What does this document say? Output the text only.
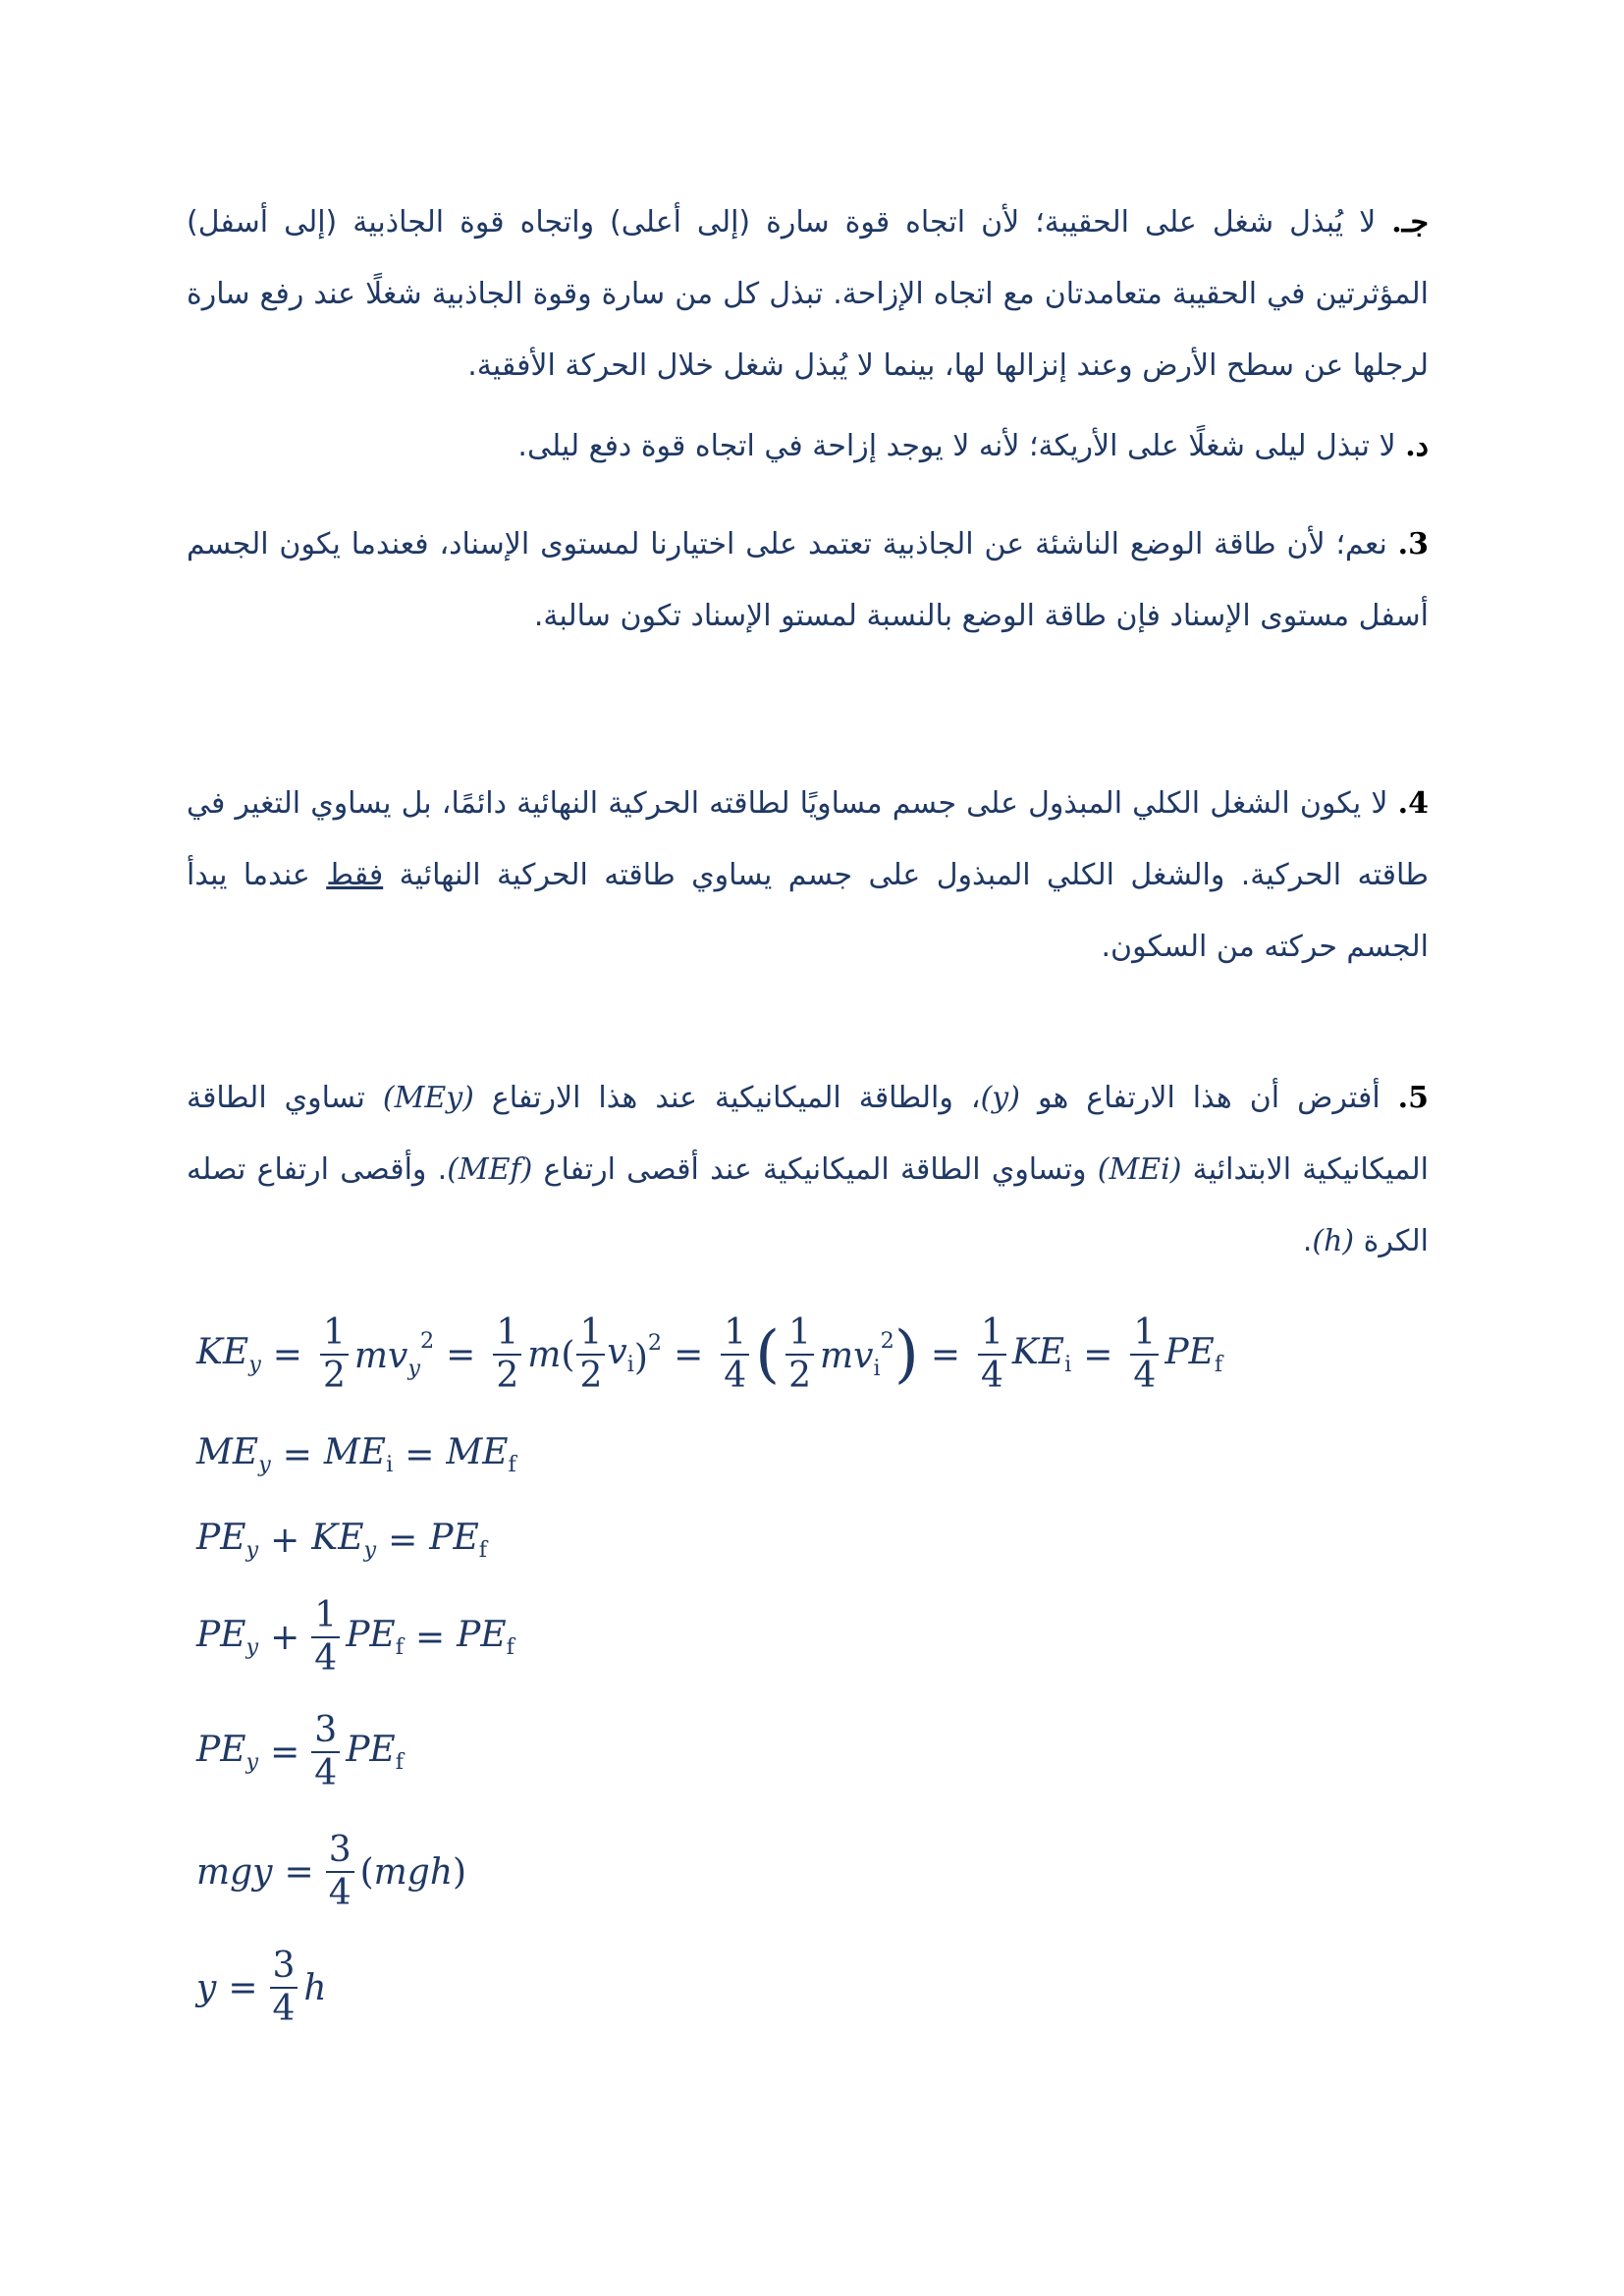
جـ. لا يُبذل شغل على الحقيبة؛ لأن اتجاه قوة سارة (إلى أعلى) واتجاه قوة الجاذبية (إلى أسفل) المؤثرتين في الحقيبة متعامدتان مع اتجاه الإزاحة. تبذل كل من سارة وقوة الجاذبية شغلًا عند رفع سارة لرجلها عن سطح الأرض وعند إنزالها لها، بينما لا يُبذل شغل خلال الحركة الأفقية.
د. لا تبذل ليلى شغلًا على الأريكة؛ لأنه لا يوجد إزاحة في اتجاه قوة دفع ليلى.
3. نعم؛ لأن طاقة الوضع الناشئة عن الجاذبية تعتمد على اختيارنا لمستوى الإسناد، فعندما يكون الجسم أسفل مستوى الإسناد فإن طاقة الوضع بالنسبة لمستو الإسناد تكون سالبة.
4. لا يكون الشغل الكلي المبذول على جسم مساويًا لطاقته الحركية النهائية دائمًا، بل يساوي التغير في طاقته الحركية. والشغل الكلي المبذول على جسم يساوي طاقته الحركية النهائية فقط عندما يبدأ الجسم حركته من السكون.
5. أفترض أن هذا الارتفاع هو (y)، والطاقة الميكانيكية عند هذا الارتفاع (MEy) تساوي الطاقة الميكانيكية الابتدائية (MEi) وتساوي الطاقة الميكانيكية عند أقصى ارتفاع (MEf). وأقصى ارتفاع تصله الكرة (h).
$KE_y = \frac{1}{2} mv_y^2 = \frac{1}{2}$ m ( $\frac{1}{2} v_i$ )$^2 = \frac{1}{4}$ ( $\frac{1}{2} mv_i^2$ ) = $\frac{1}{4} KE_i = \frac{1}{4} PE_f$
$ME_y = ME_i = ME_f$
$PE_y + KE_y = PE_f$
$PE_y + \frac{1}{4} PE_f = PE_f$
$PE_y = \frac{3}{4} PE_f$
mgy = $\frac{3}{4}$ ( mgh )
$y = \frac{3}{4}$ h
